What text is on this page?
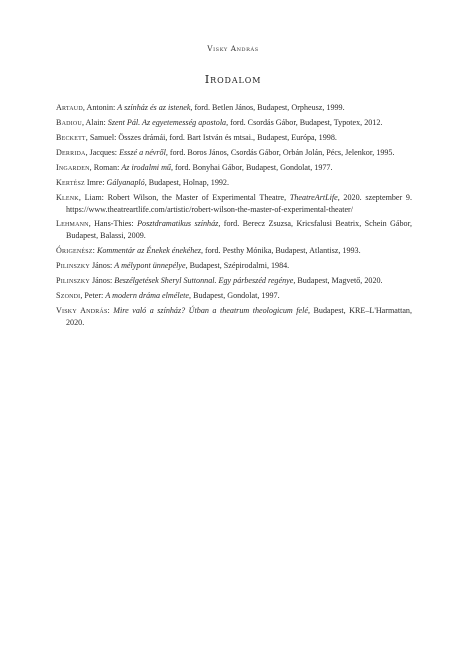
Visky András
Irodalom
Artaud, Antonin: A színház és az istenek, ford. Betlen János, Budapest, Orpheusz, 1999.
Badiou, Alain: Szent Pál. Az egyetemesség apostola, ford. Csordás Gábor, Budapest, Typotex, 2012.
Beckett, Samuel: Összes drámái, ford. Bart István és mtsai., Budapest, Európa, 1998.
Derrida, Jacques: Esszé a névről, ford. Boros János, Csordás Gábor, Orbán Jolán, Pécs, Jelenkor, 1995.
Ingarden, Roman: Az irodalmi mű, ford. Bonyhai Gábor, Budapest, Gondolat, 1977.
Kertész Imre: Gályanapló, Budapest, Holnap, 1992.
Klenk, Liam: Robert Wilson, the Master of Experimental Theatre, TheatreArtLife, 2020. szeptember 9. https://www.theatreartlife.com/artistic/robert-wilson-the-master-of-experimental-theater/
Lehmann, Hans-Thies: Posztdramatikus színház, ford. Berecz Zsuzsa, Kricsfalusi Beatrix, Schein Gábor, Budapest, Balassi, 2009.
Órigenész: Kommentár az Énekek énekéhez, ford. Pesthy Mónika, Budapest, Atlantisz, 1993.
Pilinszky János: A mélypont ünnepélye, Budapest, Szépirodalmi, 1984.
Pilinszky János: Beszélgetések Sheryl Suttonnal. Egy párbeszéd regénye, Budapest, Magvető, 2020.
Szondi, Peter: A modern dráma elmélete, Budapest, Gondolat, 1997.
Visky András: Mire való a színház? Útban a theatrum theologicum felé, Budapest, KRE–L'Harmattan, 2020.
